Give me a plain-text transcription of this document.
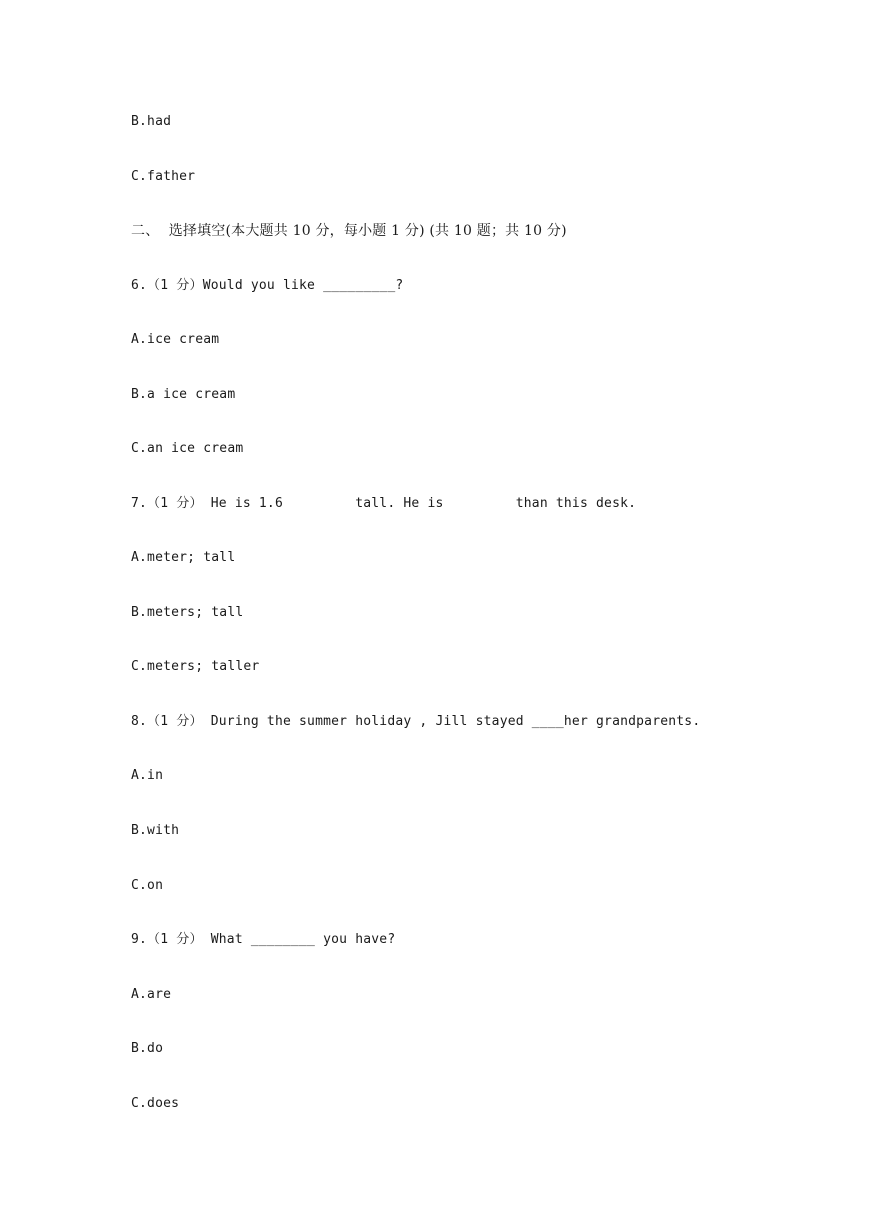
B.had
C.father
二、  选择填空(本大题共 10 分，每小题 1 分) (共 10 题；共 10 分)
6.（1 分）Would you like _________?
A.ice cream
B.a ice cream
C.an ice cream
7.（1 分） He is 1.6         tall. He is         than this desk.
A.meter; tall
B.meters; tall
C.meters; taller
8.（1 分） During the summer holiday , Jill stayed ____her grandparents.
A.in
B.with
C.on
9.（1 分） What ________ you have?
A.are
B.do
C.does
